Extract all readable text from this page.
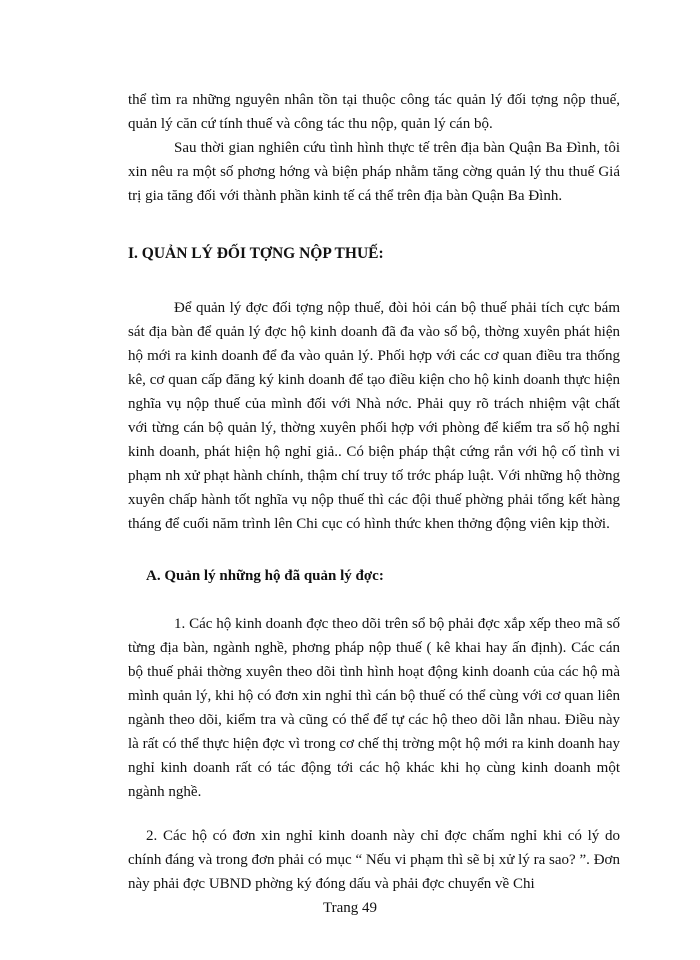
thể tìm ra những nguyên nhân tồn tại thuộc công tác quản lý đối tợng nộp thuế, quản lý căn cứ tính thuế và công tác thu nộp, quản lý cán bộ.

Sau thời gian nghiên cứu tình hình thực tế trên địa bàn Quận Ba Đình, tôi xin nêu ra một số phơng hớng và biện pháp nhằm tăng cờng quản lý thu thuế Giá trị gia tăng đối với thành phần kinh tế cá thể trên địa bàn Quận Ba Đình.

I. QUẢN LÝ ĐỐI TỢNG NỘP THUẾ:

Để quản lý đợc đối tợng nộp thuế, đòi hỏi cán bộ thuế phải tích cực bám sát địa bàn để quản lý đợc hộ kinh doanh đã đa vào sổ bộ, thờng xuyên phát hiện hộ mới ra kinh doanh để đa vào quản lý. Phối hợp với các cơ quan điều tra thống kê, cơ quan cấp đăng ký kinh doanh để tạo điều kiện cho hộ kinh doanh thực hiện nghĩa vụ nộp thuế của mình đối với Nhà nớc. Phải quy rõ trách nhiệm vật chất với từng cán bộ quản lý, thờng xuyên phối hợp với phòng để kiểm tra số hộ nghỉ kinh doanh, phát hiện hộ nghỉ giả.. Có biện pháp thật cứng rắn với hộ cố tình vi phạm nh xử phạt hành chính, thậm chí truy tố trớc pháp luật. Với những hộ thờng xuyên chấp hành tốt nghĩa vụ nộp thuế thì các đội thuế phờng phải tổng kết hàng tháng để cuối năm trình lên Chi cục có hình thức khen thởng động viên kịp thời.

A. Quản lý những hộ đã quản lý đợc:

1. Các hộ kinh doanh đợc theo dõi trên sổ bộ phải đợc xắp xếp theo mã số từng địa bàn, ngành nghề, phơng pháp nộp thuế ( kê khai hay ấn định). Các cán bộ thuế phải thờng xuyên theo dõi tình hình hoạt động kinh doanh của các hộ mà mình quản lý, khi hộ có đơn xin nghỉ thì cán bộ thuế có thể cùng với cơ quan liên ngành theo dõi, kiểm tra và cũng có thể để tự các hộ theo dõi lẫn nhau. Điều này là rất có thể thực hiện đợc vì trong cơ chế thị trờng một hộ mới ra kinh doanh hay nghỉ kinh doanh rất có tác động tới các hộ khác khi họ cùng kinh doanh một ngành nghề.

2. Các hộ có đơn xin nghỉ kinh doanh này chỉ đợc chấm nghỉ khi có lý do chính đáng và trong đơn phải có mục “ Nếu vi phạm thì sẽ bị xử lý ra sao? ”. Đơn này phải đợc UBND phờng ký đóng dấu và phải đợc chuyển về Chi

Trang 49
